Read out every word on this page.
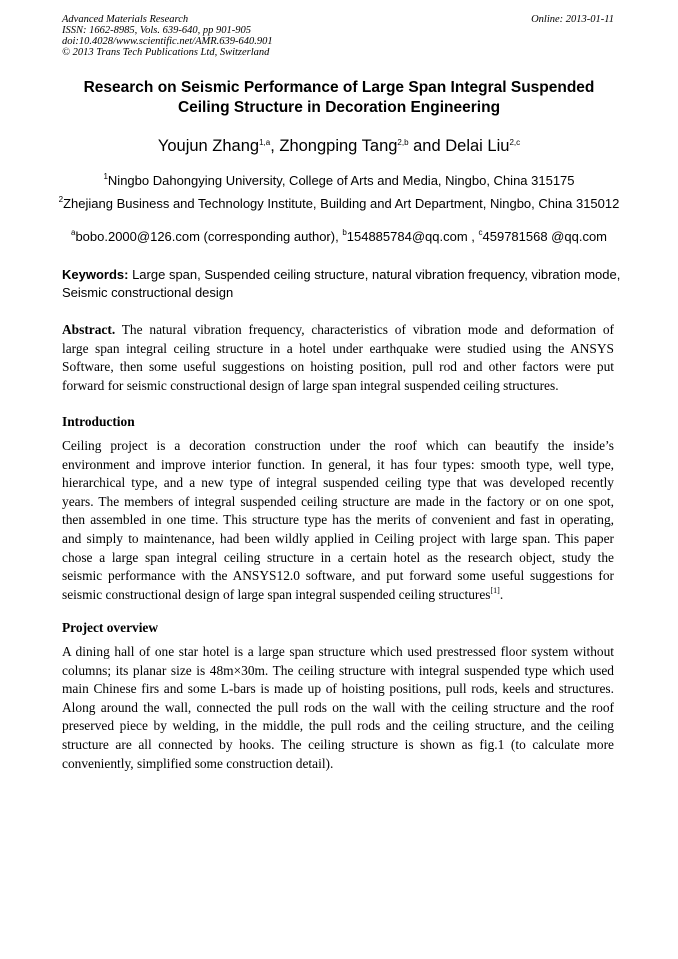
Advanced Materials Research
ISSN: 1662-8985, Vols. 639-640, pp 901-905
doi:10.4028/www.scientific.net/AMR.639-640.901
© 2013 Trans Tech Publications Ltd, Switzerland
Online: 2013-01-11
Research on Seismic Performance of Large Span Integral Suspended
Ceiling Structure in Decoration Engineering
Youjun Zhang$^{1,a}$, Zhongping Tang$^{2,b}$ and Delai Liu$^{2,c}$
$^1$Ningbo Dahongying University, College of Arts and Media, Ningbo, China 315175
$^2$Zhejiang Business and Technology Institute, Building and Art Department, Ningbo, China 315012
$^a$bobo.2000@126.com (corresponding author), $^b$154885784@qq.com , $^c$459781568 @qq.com
Keywords: Large span, Suspended ceiling structure, natural vibration frequency, vibration mode,
Seismic constructional design
Abstract. The natural vibration frequency, characteristics of vibration mode and deformation of
large span integral ceiling structure in a hotel under earthquake were studied using the ANSYS
Software, then some useful suggestions on hoisting position, pull rod and other factors were put
forward for seismic constructional design of large span integral suspended ceiling structures.
Introduction
Ceiling project is a decoration construction under the roof which can beautify the inside’s
environment and improve interior function. In general, it has four types: smooth type, well type,
hierarchical type, and a new type of integral suspended ceiling type that was developed recently
years. The members of integral suspended ceiling structure are made in the factory or on one spot,
then assembled in one time. This structure type has the merits of convenient and fast in operating,
and simply to maintenance, had been wildly applied in Ceiling project with large span. This paper
chose a large span integral ceiling structure in a certain hotel as the research object, study the
seismic performance with the ANSYS12.0 software, and put forward some useful suggestions for
seismic constructional design of large span integral suspended ceiling structures[1].
Project overview
A dining hall of one star hotel is a large span structure which used prestressed floor system without
columns; its planar size is 48m×30m. The ceiling structure with integral suspended type which used
main Chinese firs and some L-bars is made up of hoisting positions, pull rods, keels and structures.
Along around the wall, connected the pull rods on the wall with the ceiling structure and the roof
preserved piece by welding, in the middle, the pull rods and the ceiling structure, and the ceiling
structure are all connected by hooks. The ceiling structure is shown as fig.1 (to calculate more
conveniently, simplified some construction detail).
